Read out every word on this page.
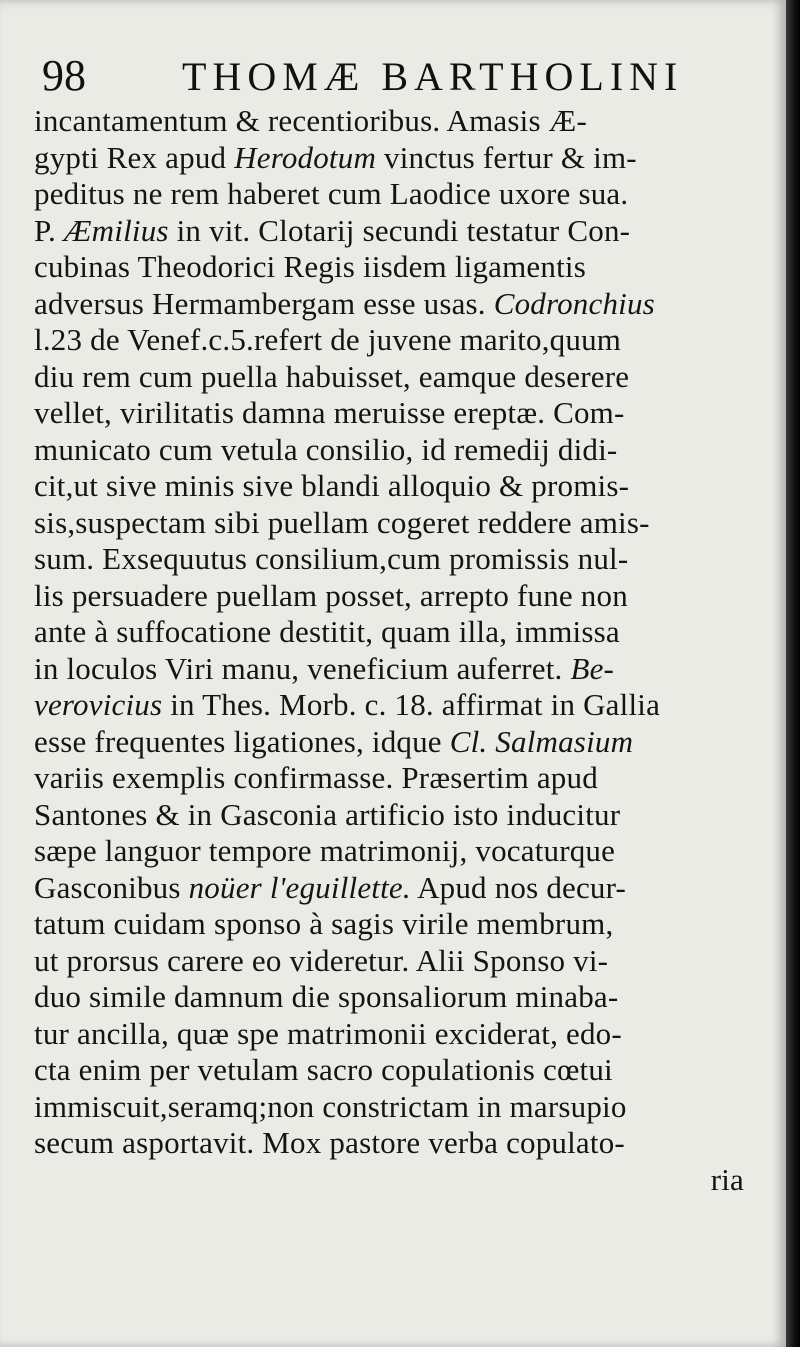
98 THOMÆ BARTHOLINI
incantamentum & recentioribus. Amasis Æ-
gypti Rex apud Herodotum vinctus fertur & im-
peditus ne rem haberet cum Laodice uxore sua.
P. Æmilius in vit. Clotarij secundi testatur Con-
cubinas Theodorici Regis iisdem ligamentis
adversus Hermambergam esse usas. Codronchius
l.23 de Venef.c.5.refert de juvene marito,quum
diu rem cum puella habuisset, eamque deserere
vellet, virilitatis damna meruisse ereptæ. Com-
municato cum vetula consilio, id remedij didi-
cit,ut sive minis sive blandi alloquio & promis-
sis,suspectam sibi puellam cogeret reddere amis-
sum. Exsequutus consilium,cum promissis nul-
lis persuadere puellam posset, arrepto fune non
ante à suffocatione destitit, quam illa, immissa
in loculos Viri manu, veneficium auferret. Be-
verovicius in Thes. Morb. c. 18. affirmat in Gallia
esse frequentes ligationes, idque Cl. Salmasium
variis exemplis confirmasse. Præsertim apud
Santones & in Gasconia artificio isto inducitur
sæpe languor tempore matrimonij, vocaturque
Gasconibus noüer l'eguillette. Apud nos decur-
tatum cuidam sponso à sagis virile membrum,
ut prorsus carere eo videretur. Alii Sponso vi-
duo simile damnum die sponsaliorum minaba-
tur ancilla, quæ spe matrimonii exciderat, edo-
cta enim per vetulam sacro copulationis cœtui
immiscuit,seramq;non constrictam in marsupio
secum asportavit. Mox pastore verba copulato-
ria
